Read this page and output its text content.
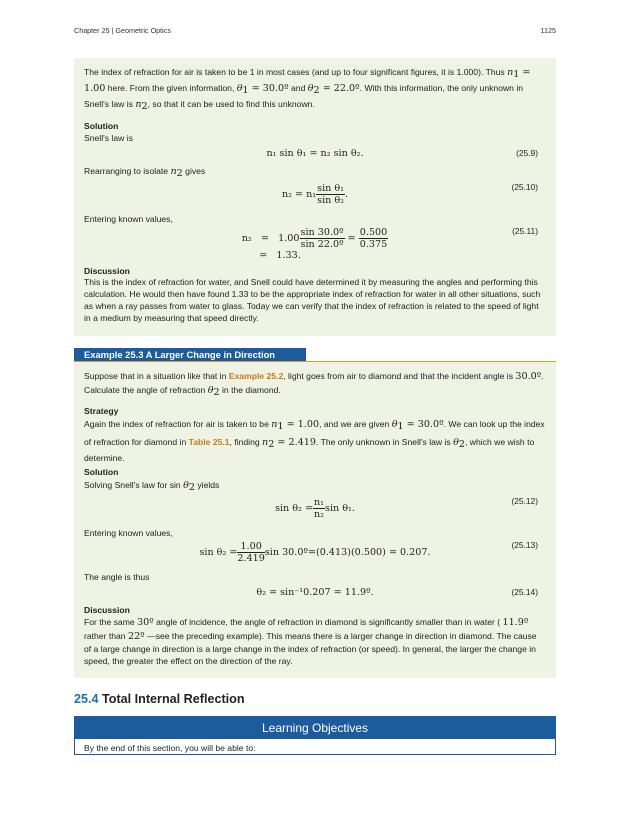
Chapter 25 | Geometric Optics	1125

The index of refraction for air is taken to be 1 in most cases (and up to four significant figures, it is 1.000). Thus $n_1 = 1.00$ here. From the given information, $\theta_1$ = 30.0º and $\theta_2$ = 22.0º. With this information, the only unknown in Snell's law is $n_2$, so that it can be used to find this unknown.

Solution

Snell's law is

n₁ sin θ₁ = n₂ sin θ₂.	(25.9)

Rearranging to isolate $n_2$ gives

$n_2 = n_1 \frac{\text{sin θ₁}}{\text{sin θ₂}}$ .
(25.10)

Entering known values,

$n_2 = 1.00 \frac{\text{sin 30.0º}}{\text{sin 22.0º}} = \frac{0.500}{0.375}$
= 1.33.
(25.11)

Discussion

This is the index of refraction for water, and Snell could have determined it by measuring the angles and performing this calculation. He would then have found 1.33 to be the appropriate index of refraction for water in all other situations, such as when a ray passes from water to glass. Today we can verify that the index of refraction is related to the speed of light in a medium by measuring that speed directly.

Example 25.3 A Larger Change in Direction

Suppose that in a situation like that in Example 25.2, light goes from air to diamond and that the incident angle is 30.0º. Calculate the angle of refraction $\theta_2$ in the diamond.

Strategy

Again the index of refraction for air is taken to be $n_1 = 1.00$, and we are given $\theta_1$ = 30.0º. We can look up the index of refraction for diamond in Table 25.1, finding $n_2 = 2.419$. The only unknown in Snell's law is $\theta_2$, which we wish to determine.

Solution

Solving Snell's law for $\sin \theta_2$ yields

$\sin \theta_2 = \frac{\text{n₁}}{\text{n₂}}$ sin θ₁.
(25.12)

Entering known values,

$\sin \theta_2 = \frac{1.00}{2.419}$ sin 30.0º=(0.413)(0.500) = 0.207.
(25.13)

The angle is thus

θ₂ = sin⁻¹0.207 = 11.9º.	(25.14)

Discussion

For the same 30º angle of incidence, the angle of refraction in diamond is significantly smaller than in water ( 11.9º rather than 22º —see the preceding example). This means there is a larger change in direction in diamond. The cause of a large change in direction is a large change in the index of refraction (or speed). In general, the larger the change in speed, the greater the effect on the direction of the ray.

25.4 Total Internal Reflection
Learning Objectives
By the end of this section, you will be able to:
